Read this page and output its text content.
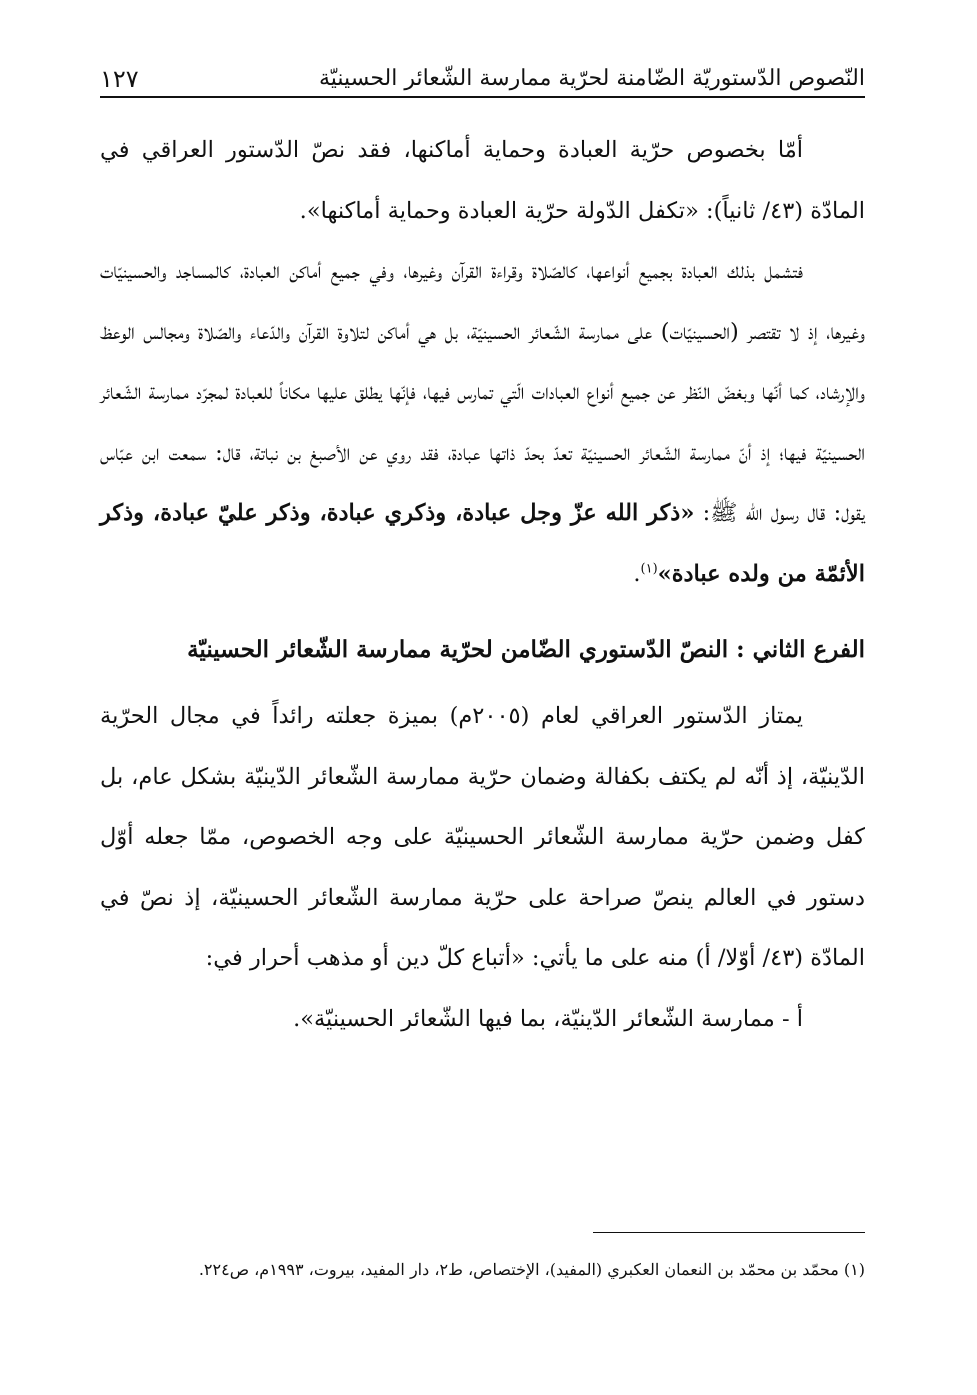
النّصوص الدّستوريّة الضّامنة لحرّية ممارسة الشّعائر الحسينيّة
١٢٧

أمّا بخصوص حرّية العبادة وحماية أماكنها، فقد نصّ الدّستور العراقي في المادّة (٤٣/ ثانياً): «تكفل الدّولة حرّية العبادة وحماية أماكنها».

فتشمل بذلك العبادة بجميع أنواعها، كالصّلاة وقراءة القرآن وغيرها، وفي جميع أماكن العبادة، كالمساجد والحسينيّات وغيرها، إذ لا تقتصر (الحسينيّات) على ممارسة الشّعائر الحسينيّة، بل هي أماكن لتلاوة القرآن والدّعاء والصّلاة ومجالس الوعظ والإرشاد، كما أنّها وبغضّ النّظر عن جميع أنواع العبادات الّتي تمارس فيها، فإنّها يطلق عليها مكاناً للعبادة لمجرّد ممارسة الشّعائر الحسينيّة فيها؛ إذ أنّ ممارسة الشّعائر الحسينيّة تعدّ بحدّ ذاتها عبادة، فقد روي عن الأصبغ بن نباتة، قال: سمعت ابن عبّاس يقول: قال رسول الله ﷺ: «ذكر الله عزّ وجل عبادة، وذكري عبادة، وذكر عليّ عبادة، وذكر الأئمّة من ولده عبادة»$^{(١)}$.

الفرع الثاني : النصّ الدّستوري الضّامن لحرّية ممارسة الشّعائر الحسينيّة

يمتاز الدّستور العراقي لعام (٢٠٠٥م) بميزة جعلته رائداً في مجال الحرّية الدّينيّة، إذ أنّه لم يكتف بكفالة وضمان حرّية ممارسة الشّعائر الدّينيّة بشكل عام، بل كفل وضمن حرّية ممارسة الشّعائر الحسينيّة على وجه الخصوص، ممّا جعله أوّل دستور في العالم ينصّ صراحة على حرّية ممارسة الشّعائر الحسينيّة، إذ نصّ في المادّة (٤٣/ أوّلا/ أ) منه على ما يأتي: «أتباع كلّ دين أو مذهب أحرار في:

أ - ممارسة الشّعائر الدّينيّة، بما فيها الشّعائر الحسينيّة».

(١) محمّد بن محمّد بن النعمان العكبري (المفيد)، الإختصاص، ط٢، دار المفيد، بيروت، ١٩٩٣م، ص٢٢٤.
